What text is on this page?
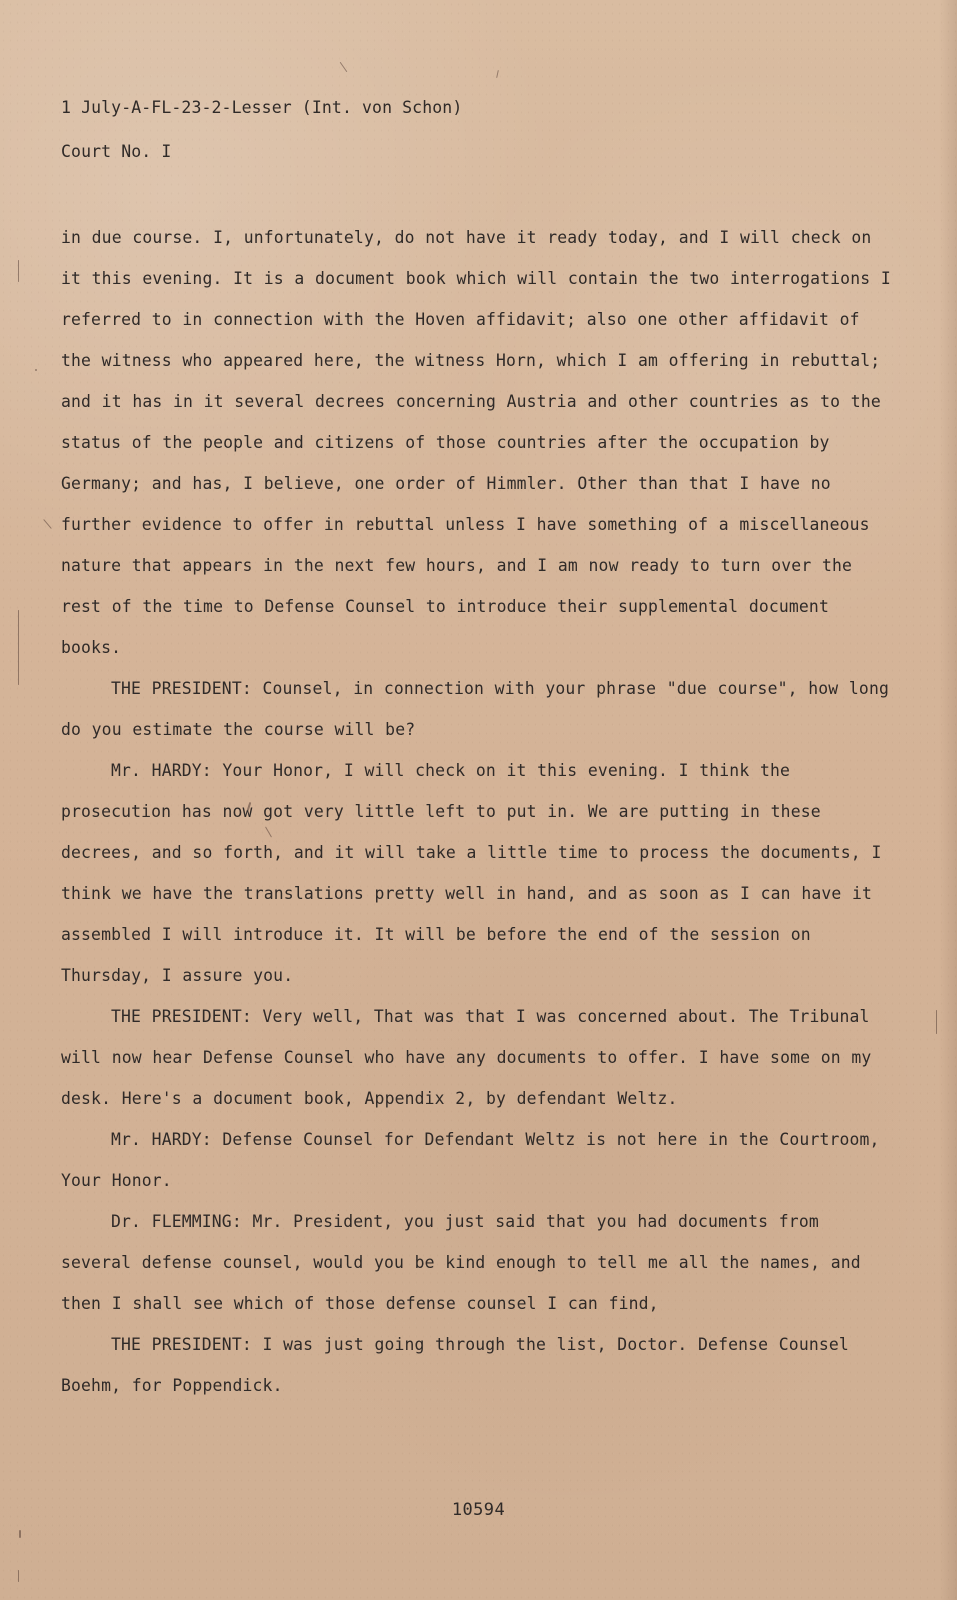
1 July-A-FL-23-2-Lesser (Int. von Schon)
Court No. I

in due course. I, unfortunately, do not have it ready today, and I will check on it this evening. It is a document book which will contain the two interrogations I referred to in connection with the Hoven affidavit; also one other affidavit of the witness who appeared here, the witness Horn, which I am offering in rebuttal; and it has in it several decrees concerning Austria and other countries as to the status of the people and citizens of those countries after the occupation by Germany; and has, I believe, one order of Himmler. Other than that I have no further evidence to offer in rebuttal unless I have something of a miscellaneous nature that appears in the next few hours, and I am now ready to turn over the rest of the time to Defense Counsel to introduce their supplemental document books.

THE PRESIDENT: Counsel, in connection with your phrase "due course", how long do you estimate the course will be?

Mr. HARDY: Your Honor, I will check on it this evening. I think the prosecution has now got very little left to put in. We are putting in these decrees, and so forth, and it will take a little time to process the documents, I think we have the translations pretty well in hand, and as soon as I can have it assembled I will introduce it. It will be before the end of the session on Thursday, I assure you.

THE PRESIDENT: Very well, That was that I was concerned about. The Tribunal will now hear Defense Counsel who have any documents to offer. I have some on my desk. Here's a document book, Appendix 2, by defendant Weltz.

Mr. HARDY: Defense Counsel for Defendant Weltz is not here in the Courtroom, Your Honor.

Dr. FLEMMING: Mr. President, you just said that you had documents from several defense counsel, would you be kind enough to tell me all the names, and then I shall see which of those defense counsel I can find,

THE PRESIDENT: I was just going through the list, Doctor. Defense Counsel Boehm, for Poppendick.

10594
